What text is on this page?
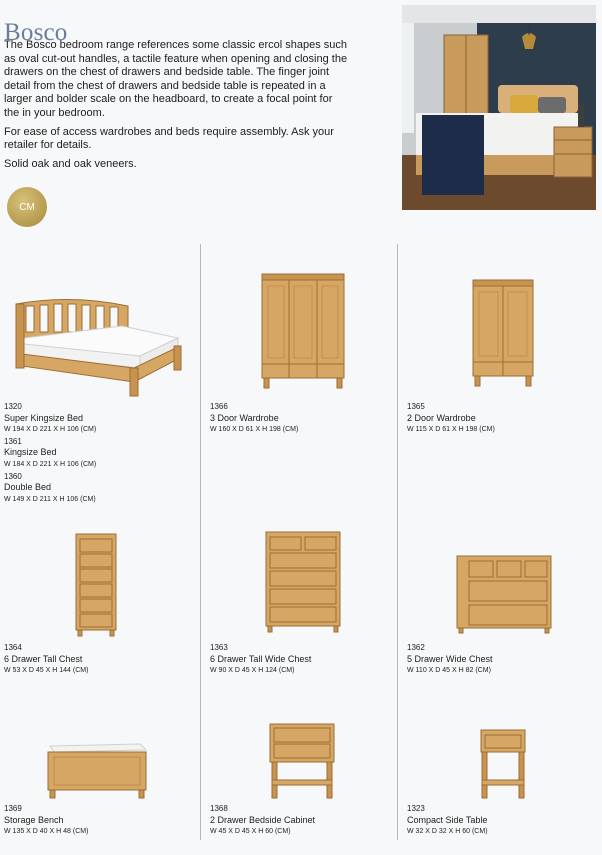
Bosco

The Bosco bedroom range references some classic ercol shapes such as oval cut-out handles, a tactile feature when opening and closing the drawers on the chest of drawers and bedside table. The finger joint detail from the chest of drawers and bedside table is repeated in a larger and bolder scale on the headboard, to create a focal point for the in your bedroom.

For ease of access wardrobes and beds require assembly. Ask your retailer for details.

Solid oak and oak veneers.

CM
1320
Super Kingsize Bed
W 194 X D 221 X H 106 (CM)
1361
Kingsize Bed
W 184 X D 221 X H 106 (CM)
1360
Double Bed
W 149 X D 211 X H 106 (CM)
1366
3 Door Wardrobe
W 160 X D 61 X H 198 (CM)
1365
2 Door Wardrobe
W 115 X D 61 X H 198 (CM)
1364
6 Drawer Tall Chest
W 53 X D 45 X H 144 (CM)
1363
6 Drawer Tall Wide Chest
W 90 X D 45 X H 124 (CM)
1362
5 Drawer Wide Chest
W 110 X D 45 X H 82 (CM)
1369
Storage Bench
W 135 X D 40 X H 48 (CM)
1368
2 Drawer Bedside Cabinet
W 45 X D 45 X H 60 (CM)
1323
Compact Side Table
W 32 X D 32 X H 60 (CM)
